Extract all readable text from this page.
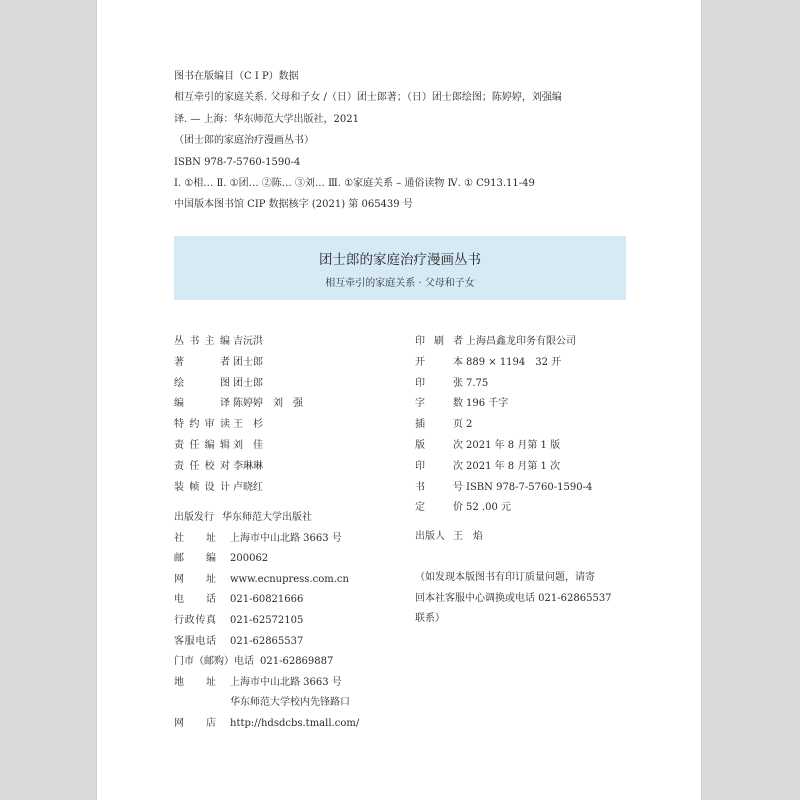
图书在版编目（C I P）数据
相互牵引的家庭关系. 父母和子女 /（日）团士郎著；（日）团士郎绘图；陈婷婷，刘强编
译. — 上海：华东师范大学出版社，2021
（团士郎的家庭治疗漫画丛书）
ISBN 978-7-5760-1590-4
Ⅰ. ①相… Ⅱ. ①团… ②陈… ③刘… Ⅲ. ①家庭关系 – 通俗读物 Ⅳ. ① C913.11-49
中国版本图书馆 CIP 数据核字 (2021) 第 065439 号
团士郎的家庭治疗漫画丛书
相互牵引的家庭关系 · 父母和子女
丛书主编 吉沅洪
著　者 团士郎
绘　图 团士郎
编　译 陈婷婷　刘　强
特约审读 王　杉
责任编辑 刘　佳
责任校对 李琳琳
装帧设计 卢晓红
印刷者 上海昌鑫龙印务有限公司
开　本 889 × 1194　32 开
印　张 7.75
字　数 196 千字
插　页 2
版　次 2021 年 8 月第 1 版
印　次 2021 年 8 月第 1 次
书　号 ISBN 978-7-5760-1590-4
定　价 52 .00 元
出版发行 华东师范大学出版社
社　址 上海市中山北路 3663 号
邮　编 200062
网　址 www.ecnupress.com.cn
电　话 021-60821666
行政传真 021-62572105
客服电话 021-62865537
门市（邮购）电话 021-62869887
地　址 上海市中山北路 3663 号
华东师范大学校内先锋路口
网　店 http://hdsdcbs.tmall.com/
出版人 王　焰
（如发现本版图书有印订质量问题，请寄
回本社客服中心调换或电话 021-62865537
联系）
